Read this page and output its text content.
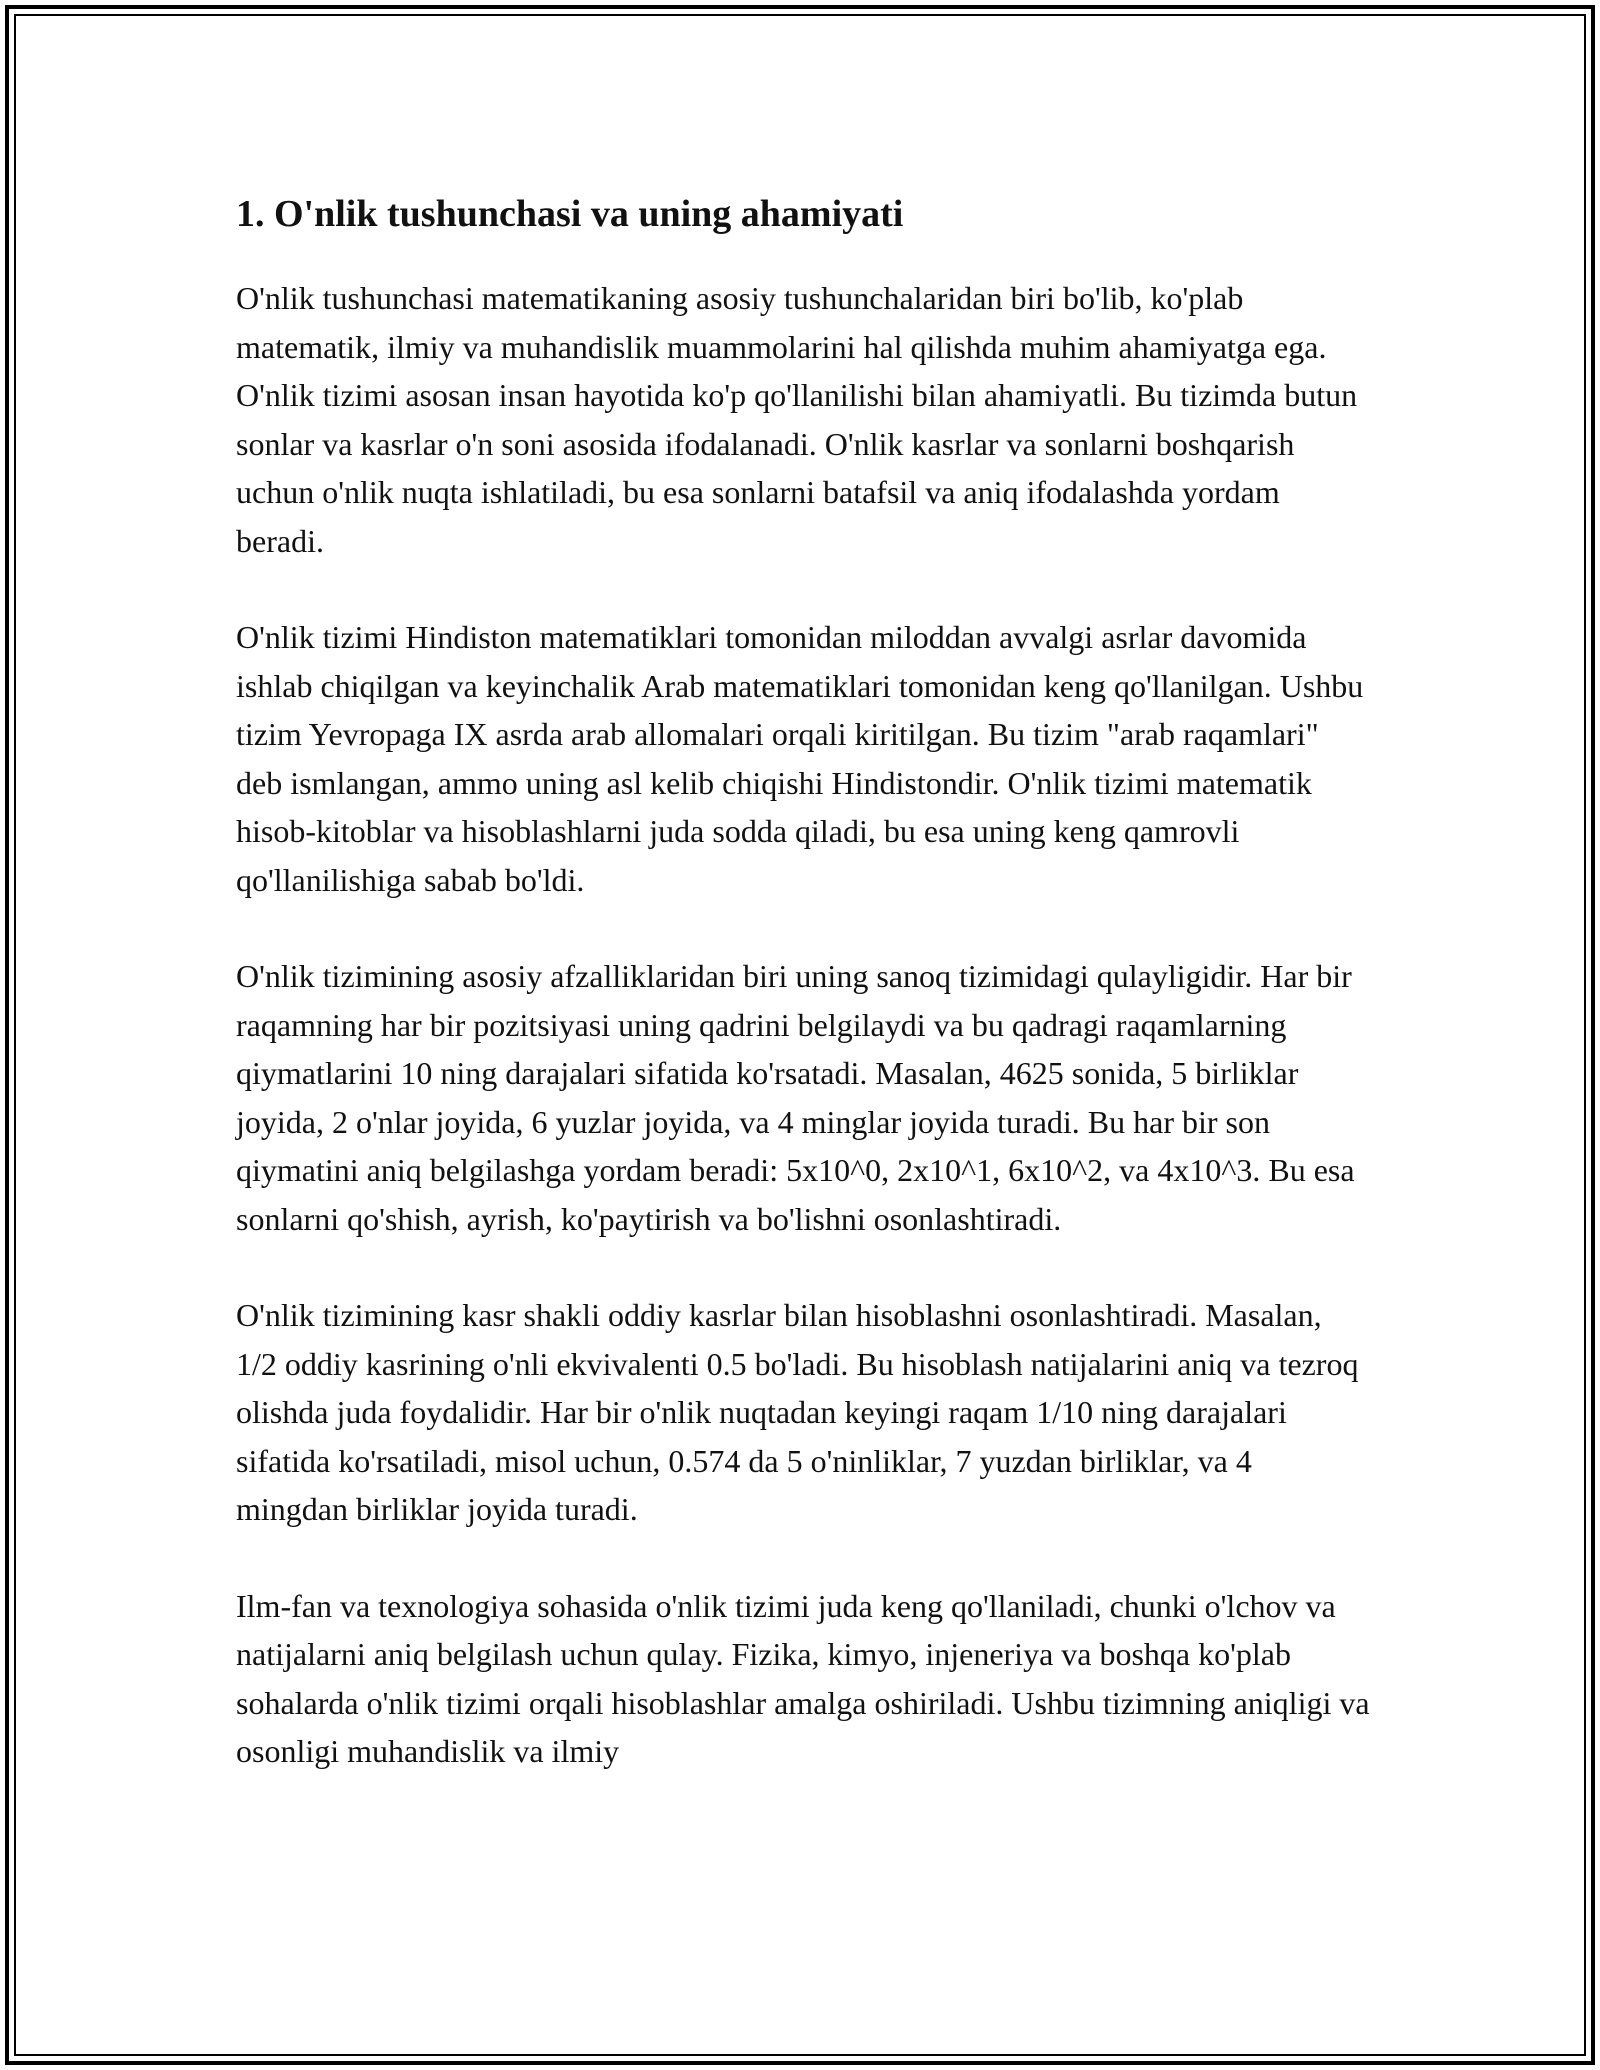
1. O'nlik tushunchasi va uning ahamiyati

O'nlik tushunchasi matematikaning asosiy tushunchalaridan biri bo'lib, ko'plab matematik, ilmiy va muhandislik muammolarini hal qilishda muhim ahamiyatga ega. O'nlik tizimi asosan insan hayotida ko'p qo'llanilishi bilan ahamiyatli. Bu tizimda butun sonlar va kasrlar o'n soni asosida ifodalanadi. O'nlik kasrlar va sonlarni boshqarish uchun o'nlik nuqta ishlatiladi, bu esa sonlarni batafsil va aniq ifodalashda yordam beradi.

O'nlik tizimi Hindiston matematiklari tomonidan miloddan avvalgi asrlar davomida ishlab chiqilgan va keyinchalik Arab matematiklari tomonidan keng qo'llanilgan. Ushbu tizim Yevropaga IX asrda arab allomalari orqali kiritilgan. Bu tizim "arab raqamlari" deb ismlangan, ammo uning asl kelib chiqishi Hindistondir. O'nlik tizimi matematik hisob-kitoblar va hisoblashlarni juda sodda qiladi, bu esa uning keng qamrovli qo'llanilishiga sabab bo'ldi.

O'nlik tizimining asosiy afzalliklaridan biri uning sanoq tizimidagi qulayligidir. Har bir raqamning har bir pozitsiyasi uning qadrini belgilaydi va bu qadragi raqamlarning qiymatlarini 10 ning darajalari sifatida ko'rsatadi. Masalan, 4625 sonida, 5 birliklar joyida, 2 o'nlar joyida, 6 yuzlar joyida, va 4 minglar joyida turadi. Bu har bir son qiymatini aniq belgilashga yordam beradi: 5x10^0, 2x10^1, 6x10^2, va 4x10^3. Bu esa sonlarni qo'shish, ayrish, ko'paytirish va bo'lishni osonlashtiradi.

O'nlik tizimining kasr shakli oddiy kasrlar bilan hisoblashni osonlashtiradi. Masalan, 1/2 oddiy kasrining o'nli ekvivalenti 0.5 bo'ladi. Bu hisoblash natijalarini aniq va tezroq olishda juda foydalidir. Har bir o'nlik nuqtadan keyingi raqam 1/10 ning darajalari sifatida ko'rsatiladi, misol uchun, 0.574 da 5 o'ninliklar, 7 yuzdan birliklar, va 4 mingdan birliklar joyida turadi.

Ilm-fan va texnologiya sohasida o'nlik tizimi juda keng qo'llaniladi, chunki o'lchov va natijalarni aniq belgilash uchun qulay. Fizika, kimyo, injeneriya va boshqa ko'plab sohalarda o'nlik tizimi orqali hisoblashlar amalga oshiriladi. Ushbu tizimning aniqligi va osonligi muhandislik va ilmiy
